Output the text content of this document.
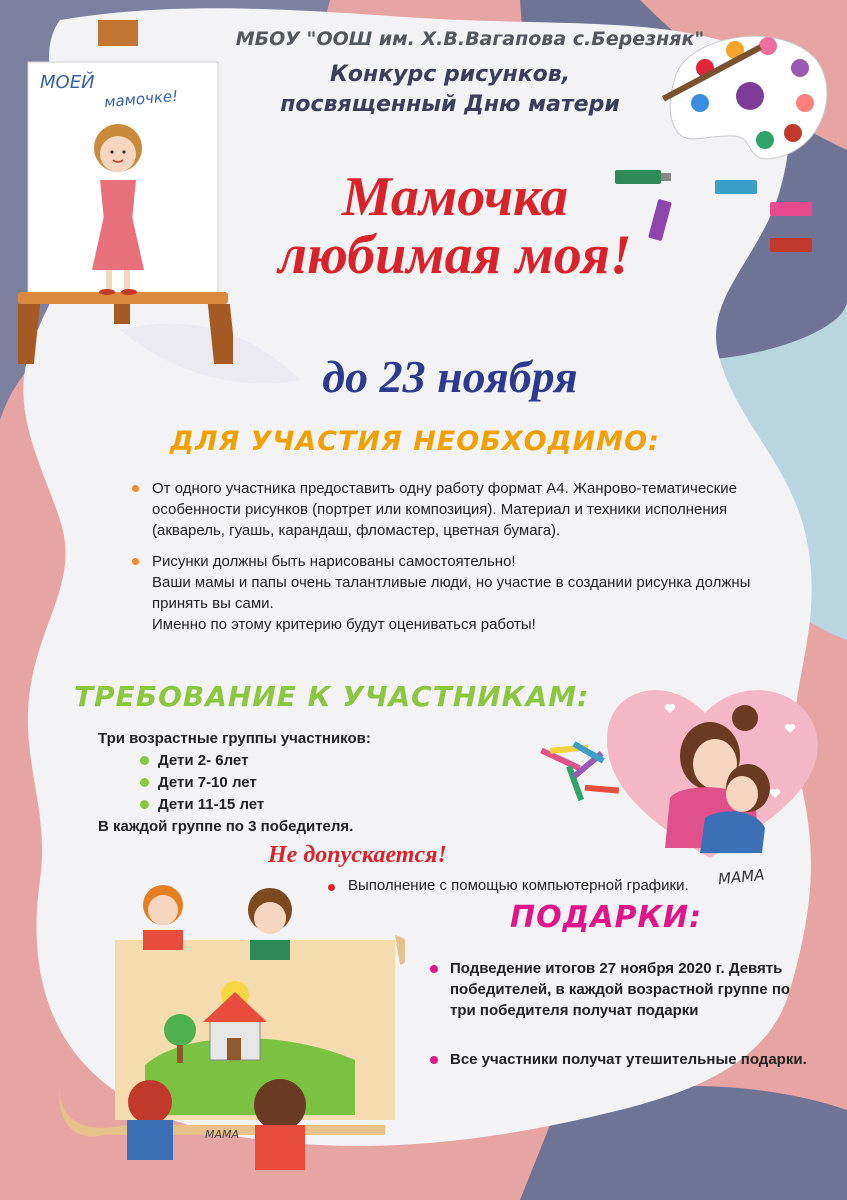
МОЕЙ
мамочке!
МБОУ "ООШ им. Х.В.Вагапова с.Березняк"
Конкурс рисунков,
посвященный Дню матери
Мамочка
любимая моя!
до 23 ноября
ДЛЯ УЧАСТИЯ НЕОБХОДИМО:
От одного участника предоставить одну работу формат А4. Жанрово-тематические особенности рисунков (портрет или композиция). Материал и техники исполнения (акварель, гуашь, карандаш, фломастер, цветная бумага).
Рисунки должны быть нарисованы самостоятельно!
Ваши мамы и папы очень талантливые люди, но участие в создании рисунка должны принять вы сами.
Именно по этому критерию будут оцениваться работы!
ТРЕБОВАНИЕ К УЧАСТНИКАМ:
Три возрастные группы участников:
Дети 2- 6лет
Дети 7-10 лет
Дети 11-15 лет
В каждой группе по 3 победителя.
Не допускается!
Выполнение с помощью компьютерной графики.	МАМА
ПОДАРКИ:
Подведение итогов 27 ноября 2020 г. Девять победителей, в каждой возрастной группе по три победителя получат подарки
Все участники получат утешительные подарки.
МАМА
